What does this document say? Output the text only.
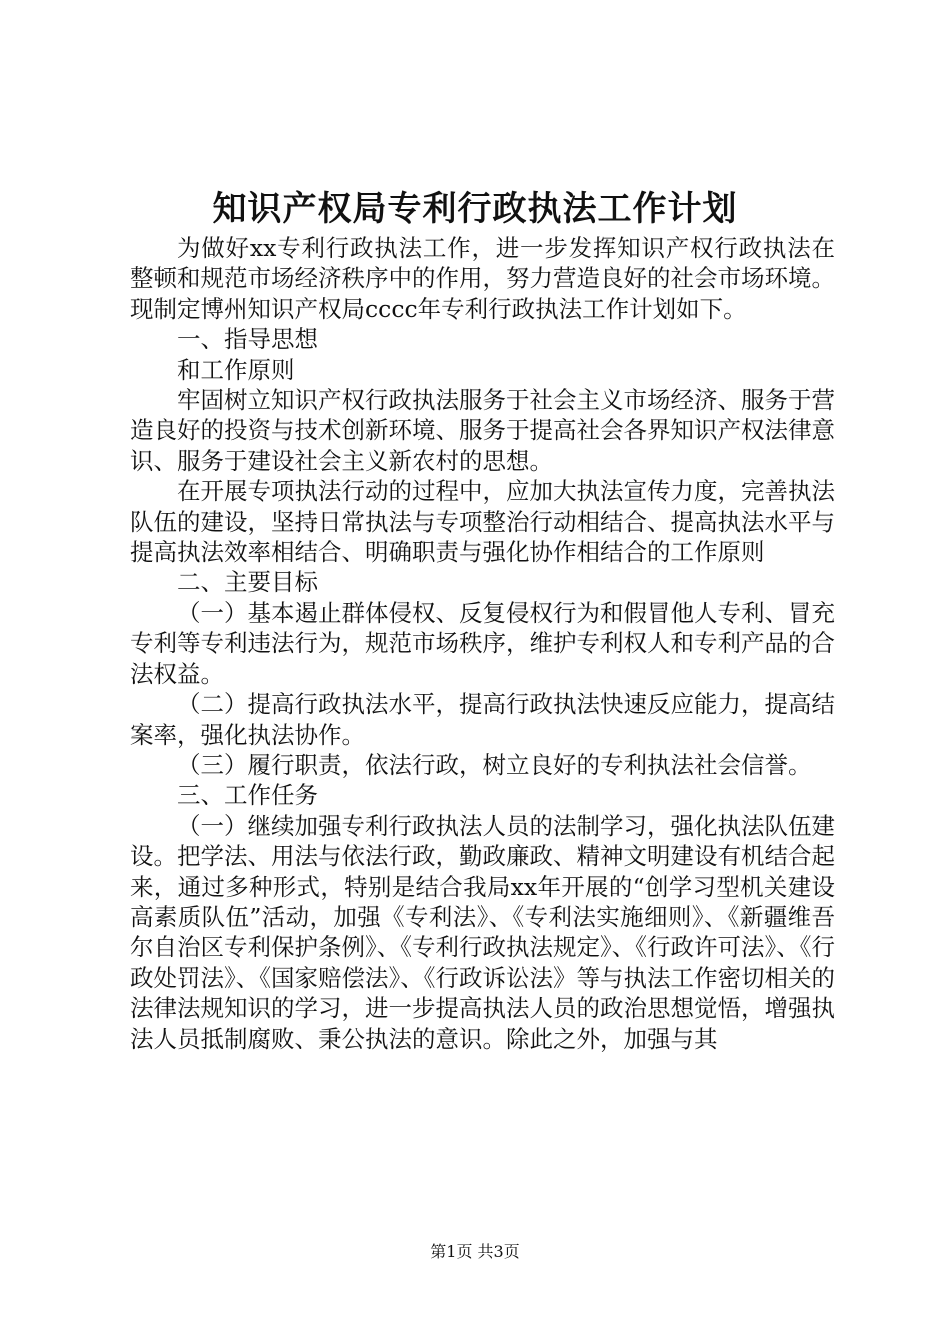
知识产权局专利行政执法工作计划

为做好xx专利行政执法工作，进一步发挥知识产权行政执法在整顿和规范市场经济秩序中的作用，努力营造良好的社会市场环境。现制定博州知识产权局cccc年专利行政执法工作计划如下。

一、指导思想

和工作原则

牢固树立知识产权行政执法服务于社会主义市场经济、服务于营造良好的投资与技术创新环境、服务于提高社会各界知识产权法律意识、服务于建设社会主义新农村的思想。

在开展专项执法行动的过程中，应加大执法宣传力度，完善执法队伍的建设，坚持日常执法与专项整治行动相结合、提高执法水平与提高执法效率相结合、明确职责与强化协作相结合的工作原则

二、主要目标

（一）基本遏止群体侵权、反复侵权行为和假冒他人专利、冒充专利等专利违法行为，规范市场秩序，维护专利权人和专利产品的合法权益。

（二）提高行政执法水平，提高行政执法快速反应能力，提高结案率，强化执法协作。

（三）履行职责，依法行政，树立良好的专利执法社会信誉。

三、工作任务

（一）继续加强专利行政执法人员的法制学习，强化执法队伍建设。把学法、用法与依法行政，勤政廉政、精神文明建设有机结合起来，通过多种形式，特别是结合我局xx年开展的“创学习型机关建设高素质队伍”活动，加强《专利法》、《专利法实施细则》、《新疆维吾尔自治区专利保护条例》、《专利行政执法规定》、《行政许可法》、《行政处罚法》、《国家赔偿法》、《行政诉讼法》等与执法工作密切相关的法律法规知识的学习，进一步提高执法人员的政治思想觉悟，增强执法人员抵制腐败、秉公执法的意识。除此之外，加强与其

第1页 共3页
